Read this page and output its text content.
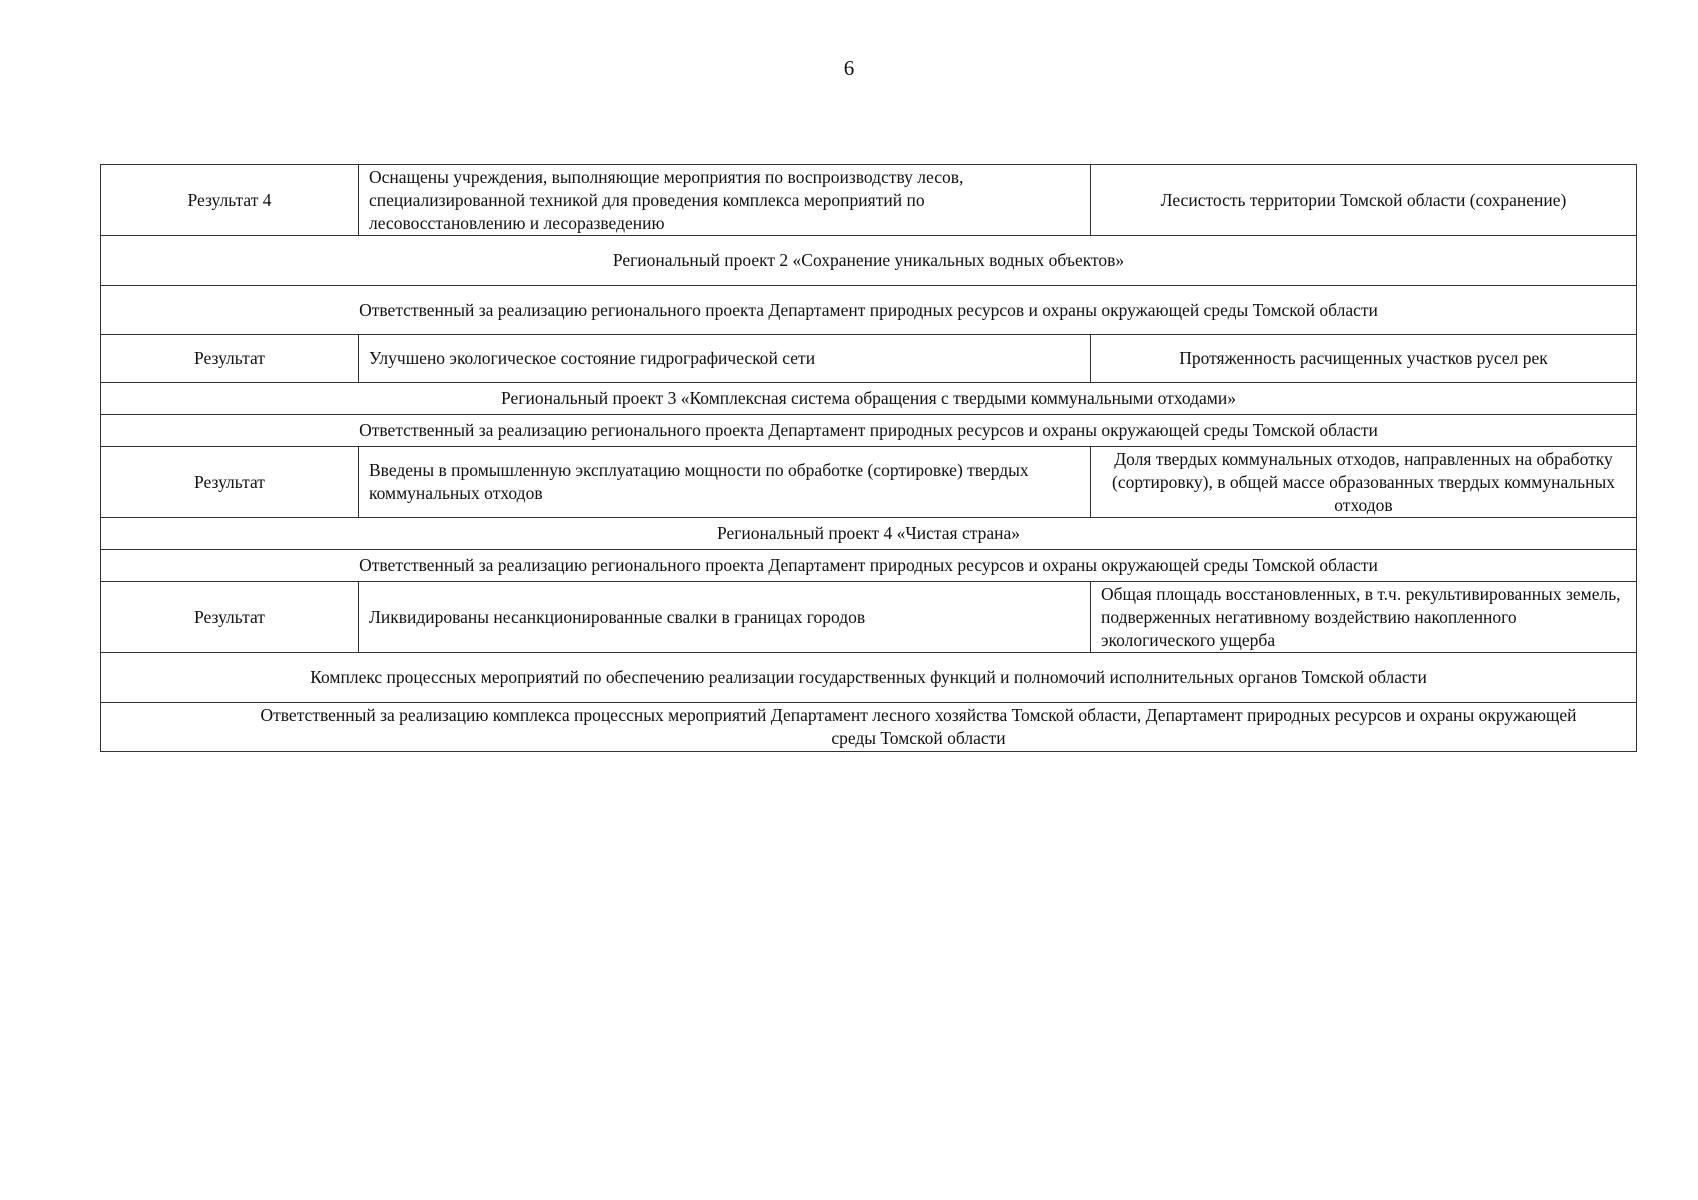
6
Результат 4	Оснащены учреждения, выполняющие мероприятия по воспроизводству лесов, специализированной техникой для проведения комплекса мероприятий по лесовосстановлению и лесоразведению	Лесистость территории Томской области (сохранение)
Региональный проект 2 «Сохранение уникальных водных объектов»		
Ответственный за реализацию регионального проекта Департамент природных ресурсов и охраны окружающей среды Томской области		
Результат	Улучшено экологическое состояние гидрографической сети	Протяженность расчищенных участков русел рек
Региональный проект 3 «Комплексная система обращения с твердыми коммунальными отходами»		
Ответственный за реализацию регионального проекта Департамент природных ресурсов и охраны окружающей среды Томской области		
Результат	Введены в промышленную эксплуатацию мощности по обработке (сортировке) твердых коммунальных отходов	Доля твердых коммунальных отходов, направленных на обработку (сортировку), в общей массе образованных твердых коммунальных отходов
Региональный проект 4 «Чистая страна»		
Ответственный за реализацию регионального проекта Департамент природных ресурсов и охраны окружающей среды Томской области		
Результат	Ликвидированы несанкционированные свалки в границах городов	Общая площадь восстановленных, в т.ч. рекультивированных земель, подверженных негативному воздействию накопленного экологического ущерба
Комплекс процессных мероприятий по обеспечению реализации государственных функций и полномочий исполнительных органов Томской области		
Ответственный за реализацию комплекса процессных мероприятий Департамент лесного хозяйства Томской области, Департамент природных ресурсов и охраны окружающей среды Томской области		
